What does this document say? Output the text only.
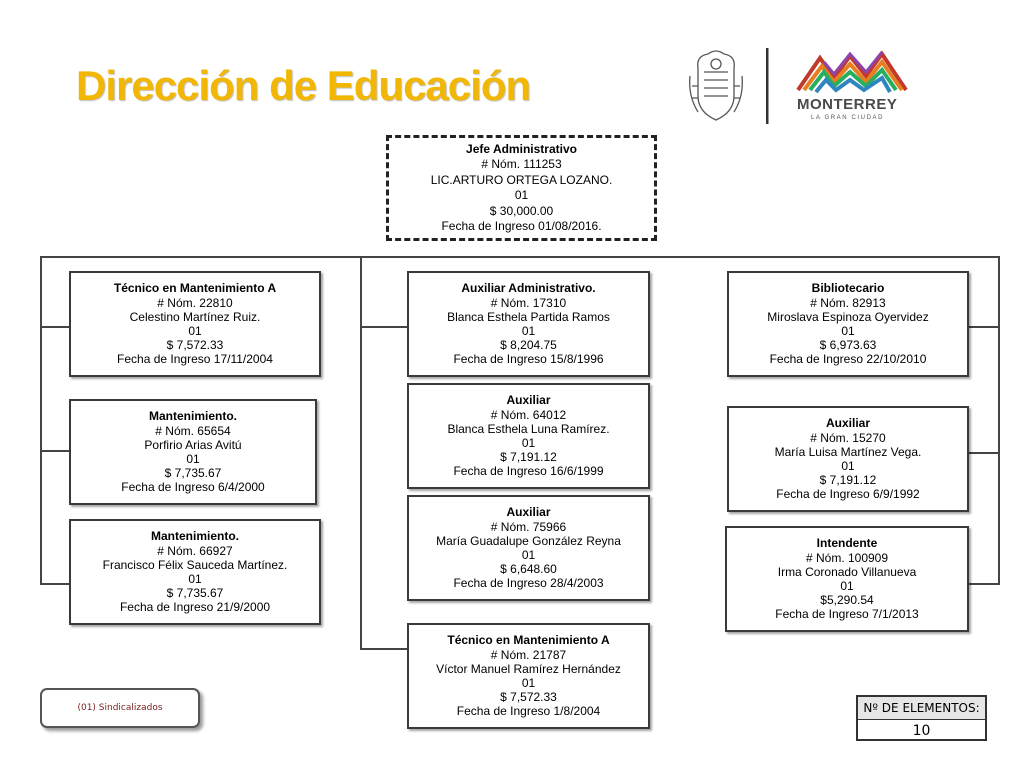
Dirección de Educación	MONTERREY
LA GRAN CIUDAD
Jefe Administrativo
# Nóm. 111253
LIC.ARTURO ORTEGA LOZANO.
01
$ 30,000.00
Fecha de Ingreso 01/08/2016.
Técnico en Mantenimiento A
# Nóm. 22810
Celestino Martínez Ruiz.
01
$ 7,572.33
Fecha de Ingreso 17/11/2004
Mantenimiento.
# Nóm. 65654
Porfirio Arias Avitú
01
$ 7,735.67
Fecha de Ingreso 6/4/2000
Mantenimiento.
# Nóm. 66927
Francisco Félix Sauceda Martínez.
01
$ 7,735.67
Fecha de Ingreso 21/9/2000
Auxiliar Administrativo.
# Nóm. 17310
Blanca Esthela Partida Ramos
01
$ 8,204.75
Fecha de Ingreso 15/8/1996
Auxiliar
# Nóm. 64012
Blanca Esthela Luna Ramírez.
01
$ 7,191.12
Fecha de Ingreso 16/6/1999
Auxiliar
# Nóm. 75966
María Guadalupe González Reyna
01
$ 6,648.60
Fecha de Ingreso 28/4/2003
Técnico en Mantenimiento A
# Nóm. 21787
Víctor Manuel Ramírez Hernández
01
$ 7,572.33
Fecha de Ingreso 1/8/2004
Bibliotecario
# Nóm. 82913
Miroslava Espinoza Oyervidez
01
$ 6,973.63
Fecha de Ingreso 22/10/2010
Auxiliar
# Nóm. 15270
María Luisa Martínez Vega.
01
$ 7,191.12
Fecha de Ingreso 6/9/1992
Intendente
# Nóm. 100909
Irma Coronado Villanueva
01
$5,290.54
Fecha de Ingreso 7/1/2013
(01) Sindicalizados	Nº DE ELEMENTOS:
10
